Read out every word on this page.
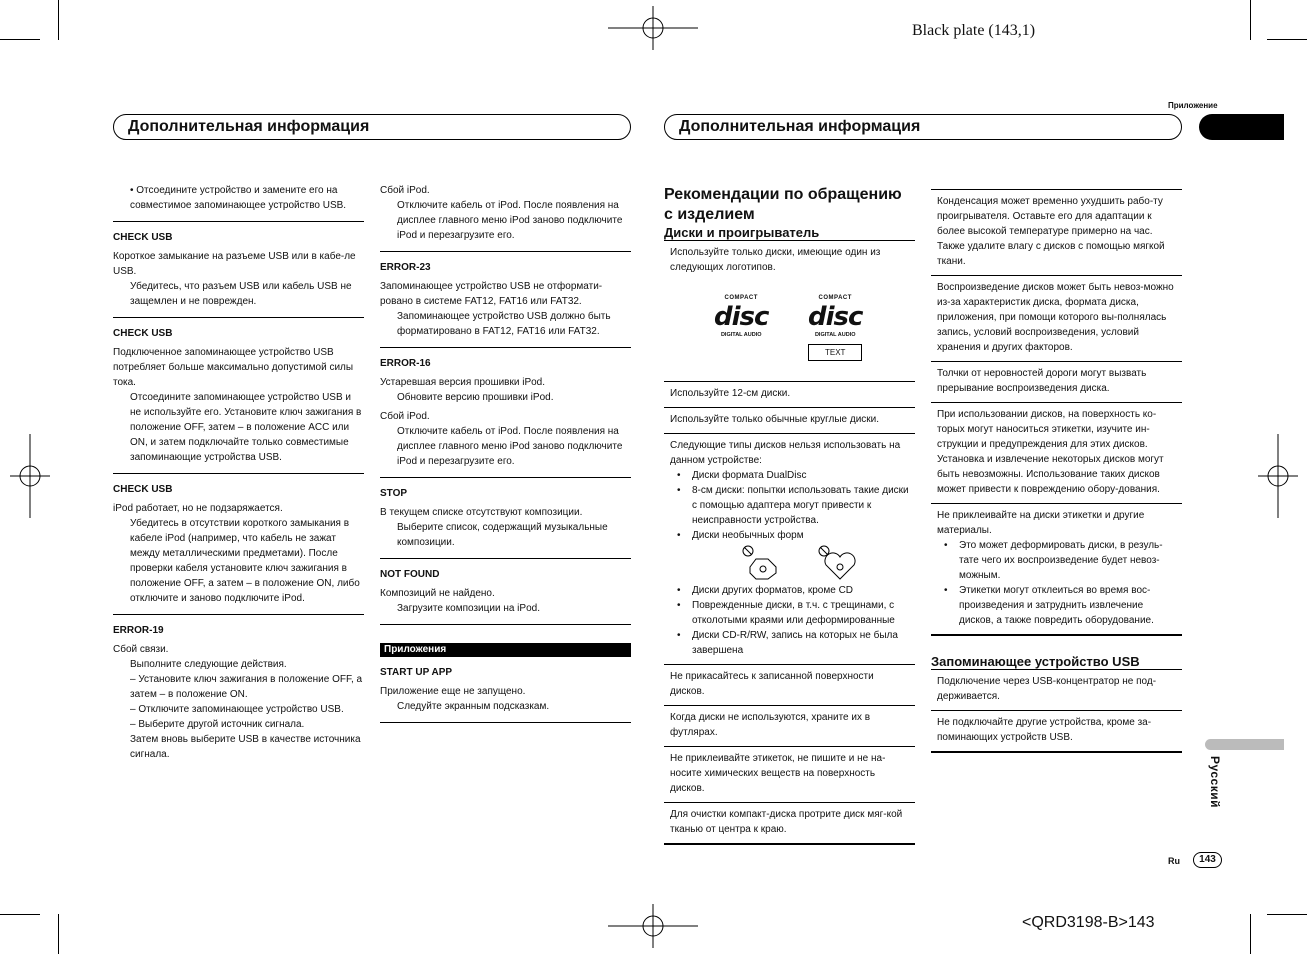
Black plate (143,1)
<QRD3198-B>143
Приложение
Русский
Дополнительная информация	Дополнительная информация
Ru	143

• Отсоедините устройство и замените его на совместимое запоминающее устройство USB.

CHECK USB

Короткое замыкание на разъеме USB или в кабе-ле USB.

Убедитесь, что разъем USB или кабель USB не защемлен и не поврежден.

CHECK USB

Подключенное запоминающее устройство USB потребляет больше максимально допустимой силы тока.

Отсоедините запоминающее устройство USB и не используйте его. Установите ключ зажигания в положение OFF, затем – в положение ACC или ON, и затем подключайте только совместимые запоминающие устройства USB.

CHECK USB

iPod работает, но не подзаряжается.

Убедитесь в отсутствии короткого замыкания в кабеле iPod (например, что кабель не зажат между металлическими предметами). После проверки кабеля установите ключ зажигания в положение OFF, а затем – в положение ON, либо отключите и заново подключите iPod.

ERROR-19

Сбой связи.

Выполните следующие действия.

– Установите ключ зажигания в положение OFF, а затем – в положение ON.

– Отключите запоминающее устройство USB.

– Выберите другой источник сигнала.

Затем вновь выберите USB в качестве источника сигнала.

Сбой iPod.

Отключите кабель от iPod. После появления на дисплее главного меню iPod заново подключите iPod и перезагрузите его.

ERROR-23

Запоминающее устройство USB не отформати-ровано в системе FAT12, FAT16 или FAT32.

Запоминающее устройство USB должно быть форматировано в FAT12, FAT16 или FAT32.

ERROR-16

Устаревшая версия прошивки iPod.

Обновите версию прошивки iPod.

Сбой iPod.

Отключите кабель от iPod. После появления на дисплее главного меню iPod заново подключите iPod и перезагрузите его.

STOP

В текущем списке отсутствуют композиции.

Выберите список, содержащий музыкальные композиции.

NOT FOUND

Композиций не найдено.

Загрузите композиции на iPod.

Приложения

START UP APP

Приложение еще не запущено.

Следуйте экранным подсказкам.

Рекомендации по обращению с изделием

Диски и проигрыватель

Используйте только диски, имеющие один из следующих логотипов.

COMPACT
disc
DIGITAL AUDIO
COMPACT
disc
DIGITAL AUDIO
TEXT

Используйте 12-см диски.

Используйте только обычные круглые диски.

Следующие типы дисков нельзя использовать на данном устройстве:

• Диски формата DualDisc
• 8-см диски: попытки использовать такие диски с помощью адаптера могут привести к неисправности устройства.
• Диски необычных форм
• Диски других форматов, кроме CD
• Поврежденные диски, в т.ч. с трещинами, с отколотыми краями или деформированные
• Диски CD-R/RW, запись на которых не была завершена

Не прикасайтесь к записанной поверхности дисков.

Когда диски не используются, храните их в футлярах.

Не приклеивайте этикеток, не пишите и не на-носите химических веществ на поверхность дисков.

Для очистки компакт-диска протрите диск мяг-кой тканью от центра к краю.

Конденсация может временно ухудшить рабо-ту проигрывателя. Оставьте его для адаптации к более высокой температуре примерно на час. Также удалите влагу с дисков с помощью мягкой ткани.

Воспроизведение дисков может быть невоз-можно из-за характеристик диска, формата диска, приложения, при помощи которого вы-полнялась запись, условий воспроизведения, условий хранения и других факторов.

Толчки от неровностей дороги могут вызвать прерывание воспроизведения диска.

При использовании дисков, на поверхность ко-торых могут наноситься этикетки, изучите ин-струкции и предупреждения для этих дисков. Установка и извлечение некоторых дисков могут быть невозможны. Использование таких дисков может привести к повреждению обору-дования.

Не приклеивайте на диски этикетки и другие материалы.

• Это может деформировать диски, в резуль-тате чего их воспроизведение будет невоз-можным.
• Этикетки могут отклеиться во время вос-произведения и затруднить извлечение дисков, а также повредить оборудование.

Запоминающее устройство USB

Подключение через USB-концентратор не под-держивается.

Не подключайте другие устройства, кроме за-поминающих устройств USB.
